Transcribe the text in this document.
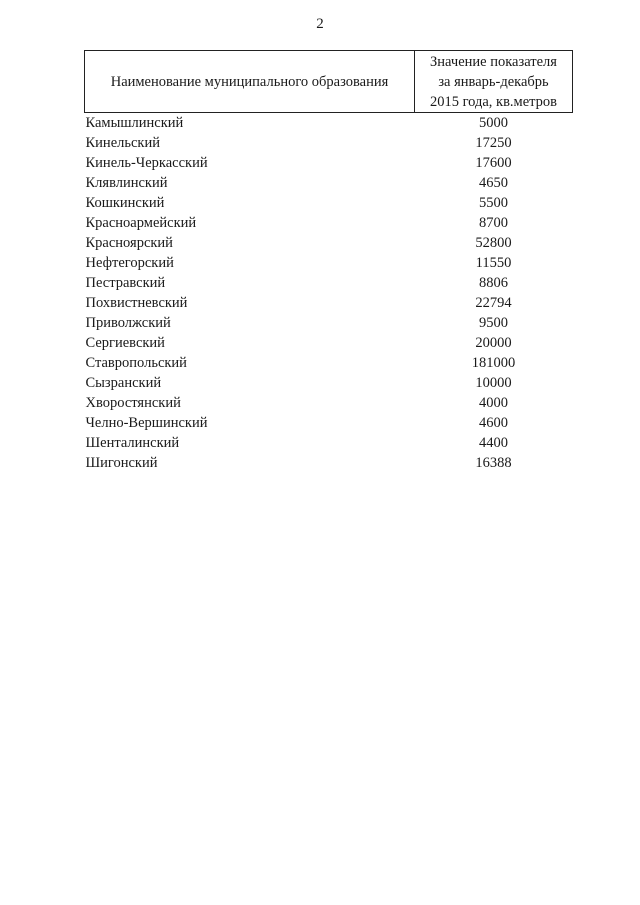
2
Наименование муниципального образования	Значение показателя
за январь-декабрь
2015 года, кв.метров

Камышлинский	5000
Кинельский	17250
Кинель-Черкасский	17600
Клявлинский	4650
Кошкинский	5500
Красноармейский	8700
Красноярский	52800
Нефтегорский	11550
Пестравский	8806
Похвистневский	22794
Приволжский	9500
Сергиевский	20000
Ставропольский	181000
Сызранский	10000
Хворостянский	4000
Челно-Вершинский	4600
Шенталинский	4400
Шигонский	16388
